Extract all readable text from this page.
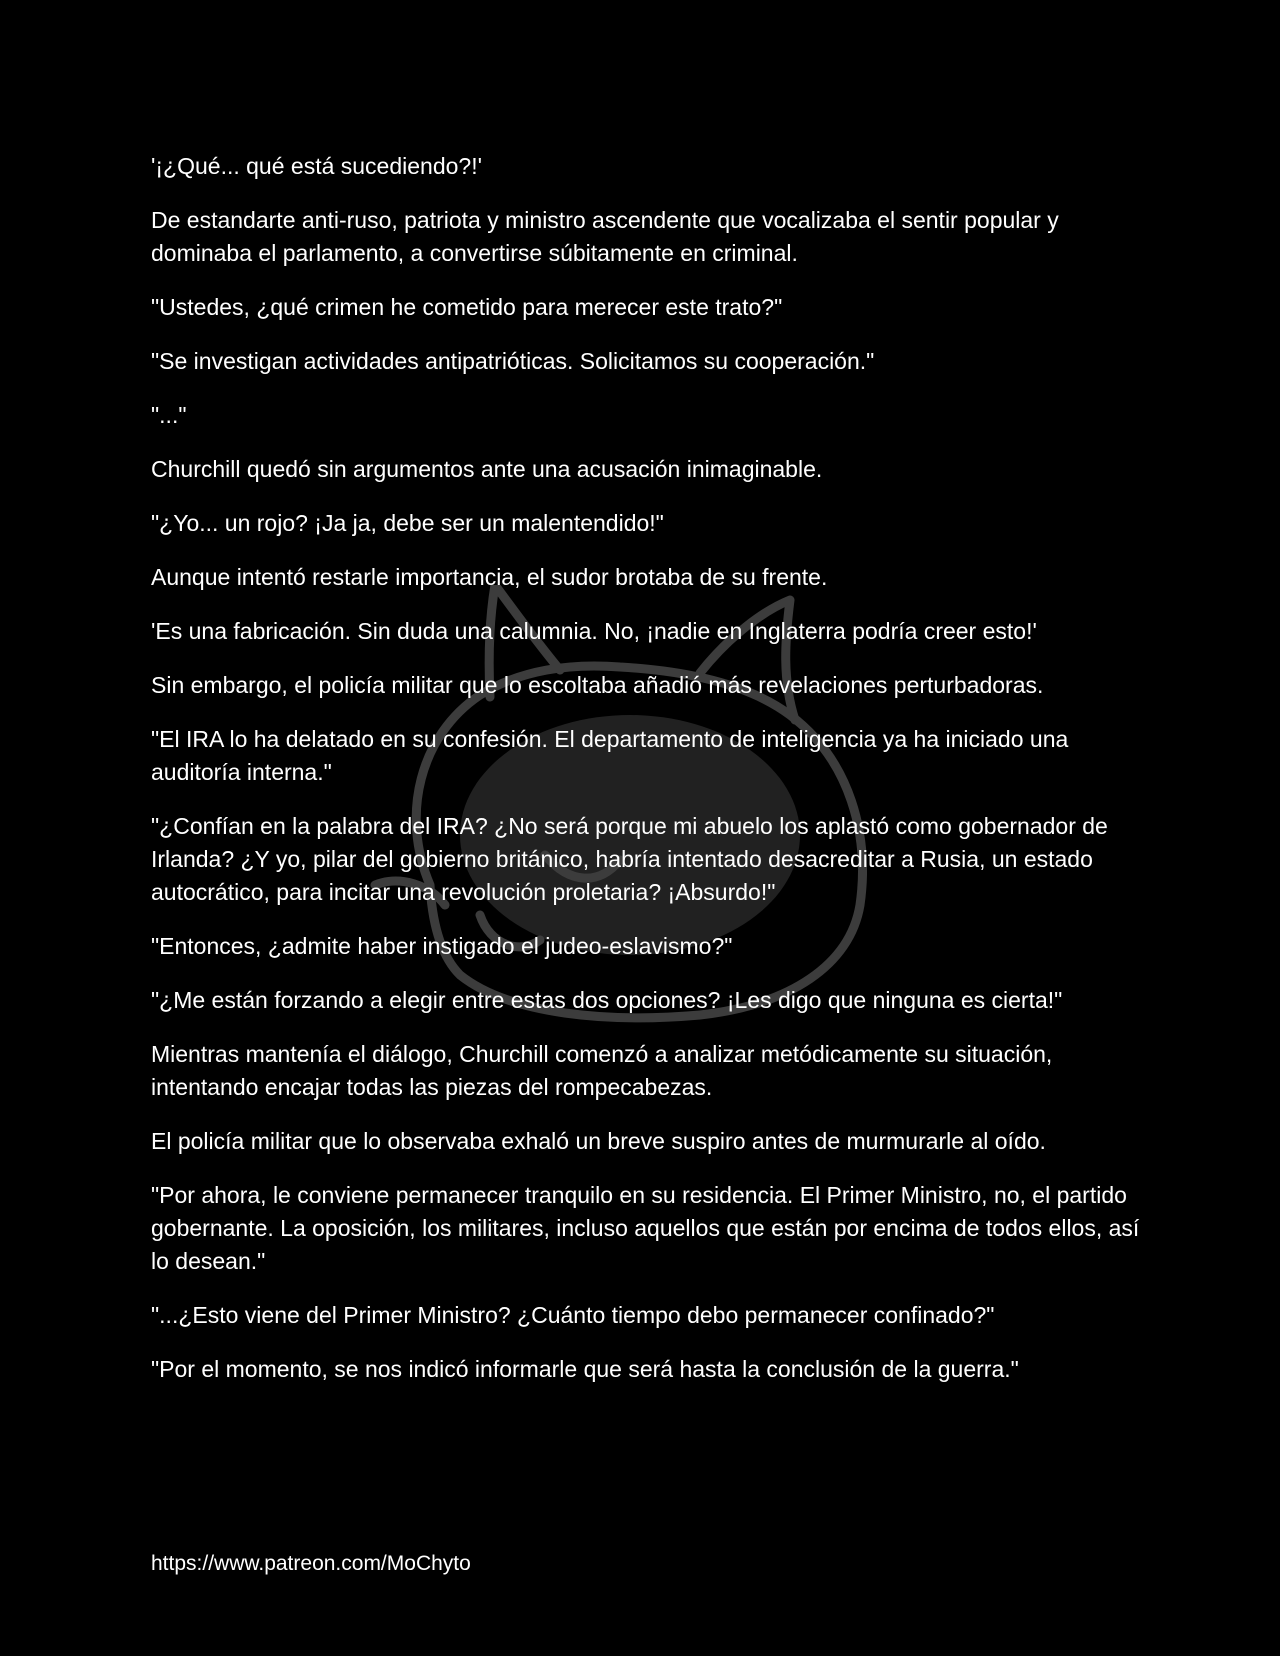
'¡¿Qué... qué está sucediendo?!'

De estandarte anti-ruso, patriota y ministro ascendente que vocalizaba el sentir popular y dominaba el parlamento, a convertirse súbitamente en criminal.

"Ustedes, ¿qué crimen he cometido para merecer este trato?"

"Se investigan actividades antipatrióticas. Solicitamos su cooperación."

"..."

Churchill quedó sin argumentos ante una acusación inimaginable.

"¿Yo... un rojo? ¡Ja ja, debe ser un malentendido!"

Aunque intentó restarle importancia, el sudor brotaba de su frente.

'Es una fabricación. Sin duda una calumnia. No, ¡nadie en Inglaterra podría creer esto!'

Sin embargo, el policía militar que lo escoltaba añadió más revelaciones perturbadoras.

"El IRA lo ha delatado en su confesión. El departamento de inteligencia ya ha iniciado una auditoría interna."

"¿Confían en la palabra del IRA? ¿No será porque mi abuelo los aplastó como gobernador de Irlanda? ¿Y yo, pilar del gobierno británico, habría intentado desacreditar a Rusia, un estado autocrático, para incitar una revolución proletaria? ¡Absurdo!"

"Entonces, ¿admite haber instigado el judeo-eslavismo?"

"¿Me están forzando a elegir entre estas dos opciones? ¡Les digo que ninguna es cierta!"

Mientras mantenía el diálogo, Churchill comenzó a analizar metódicamente su situación, intentando encajar todas las piezas del rompecabezas.

El policía militar que lo observaba exhaló un breve suspiro antes de murmurarle al oído.

"Por ahora, le conviene permanecer tranquilo en su residencia. El Primer Ministro, no, el partido gobernante. La oposición, los militares, incluso aquellos que están por encima de todos ellos, así lo desean."

"...¿Esto viene del Primer Ministro? ¿Cuánto tiempo debo permanecer confinado?"

"Por el momento, se nos indicó informarle que será hasta la conclusión de la guerra."

https://www.patreon.com/MoChyto
